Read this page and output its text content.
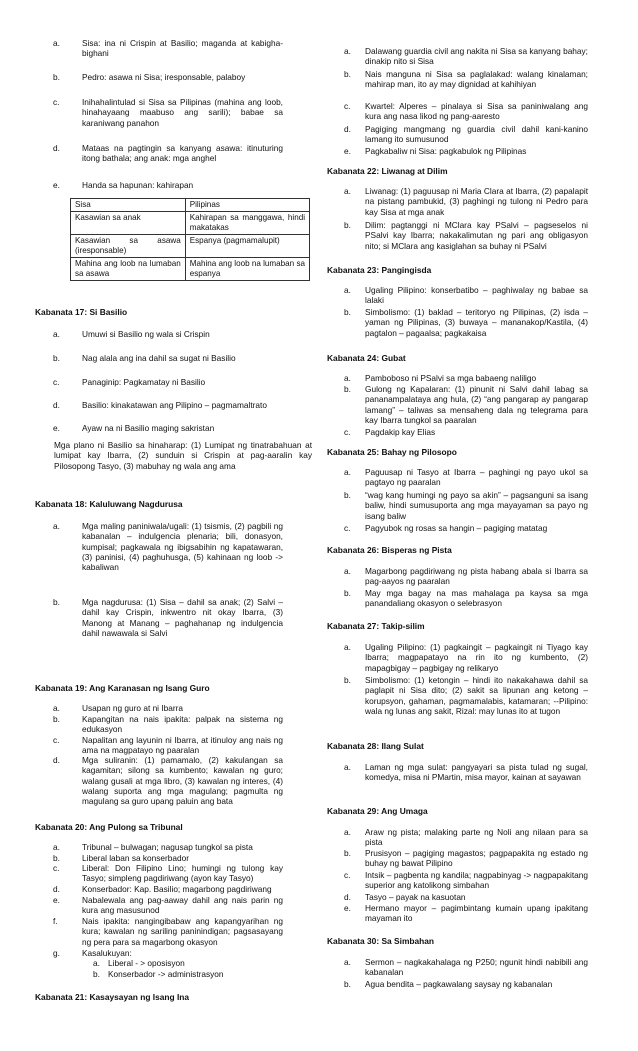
a.	Sisa: ina ni Crispin at Basilio; maganda at kabigha-bighani
b.	Pedro: asawa ni Sisa; iresponsable, palaboy
c.	Inihahalintulad si Sisa sa Pilipinas (mahina ang loob, hinahayaang maabuso ang sarili); babae sa karaniwang panahon
d.	Mataas na pagtingin sa kanyang asawa: itinuturing itong bathala; ang anak: mga anghel
e.	Handa sa hapunan: kahirapan
Sisa	Pilipinas
Kasawian sa anak	Kahirapan sa manggawa, hindi makatakas
Kasawian sa asawa (iresponsable)	Espanya (pagmamalupit)
Mahina ang loob na lumaban sa asawa	Mahina ang loob na lumaban sa espanya
Kabanata 17: Si Basilio
a.	Umuwi si Basilio ng wala si Crispin
b.	Nag alala ang ina dahil sa sugat ni Basilio
c.	Panaginip: Pagkamatay ni Basilio
d.	Basilio: kinakatawan ang Pilipino – pagmamaltrato
e.	Ayaw na ni Basilio maging sakristan
Mga plano ni Basilio sa hinaharap: (1) Lumipat ng tinatrabahuan at lumipat kay Ibarra, (2) sunduin si Crispin at pag-aaralin kay Pilosopong Tasyo, (3) mabuhay ng wala ang ama
Kabanata 18: Kaluluwang Nagdurusa
a.	Mga maling paniniwala/ugali: (1) tsismis, (2) pagbili ng kabanalan – indulgencia plenaria; bili, donasyon, kumpisal; pagkawala ng ibigsabihin ng kapatawaran, (3) paninisi, (4) paghuhusga, (5) kahinaan ng loob -> kabaliwan
b.	Mga nagdurusa: (1) Sisa – dahil sa anak; (2) Salvi – dahil kay Crispin, inkwentro nit okay Ibarra, (3) Manong at Manang – paghahanap ng indulgencia dahil nawawala si Salvi
Kabanata 19: Ang Karanasan ng Isang Guro
a.	Usapan ng guro at ni Ibarra
b.	Kapangitan na nais ipakita: palpak na sistema ng edukasyon
c.	Napalitan ang layunin ni Ibarra, at itinuloy ang nais ng ama na magpatayo ng paaralan
d.	Mga suliranin: (1) pamamalo, (2) kakulangan sa kagamitan; silong sa kumbento; kawalan ng guro; walang gusali at mga libro, (3) kawalan ng interes, (4) walang suporta ang mga magulang; pagmulta ng magulang sa guro upang paluin ang bata
Kabanata 20: Ang Pulong sa Tribunal
a.	Tribunal – bulwagan; nagusap tungkol sa pista
b.	Liberal laban sa konserbador
c.	Liberal: Don Filipino Lino; humingi ng tulong kay Tasyo; simpleng pagdiriwang (ayon kay Tasyo)
d.	Konserbador: Kap. Basilio; magarbong pagdiriwang
e.	Nabalewala ang pag-aaway dahil ang nais parin ng kura ang masusunod
f.	Nais ipakita: nangingibabaw ang kapangyarihan ng kura; kawalan ng sariling paninindigan; pagsasayang ng pera para sa magarbong okasyon
g.	Kasalukuyan:
a. Liberal - > oposisyon
b. Konserbador -> administrasyon
Kabanata 21: Kasaysayan ng Isang Ina
a. Dalawang guardia civil ang nakita ni Sisa sa kanyang bahay; dinakip nito si Sisa
b. Nais manguna ni Sisa sa paglalakad: walang kinalaman; mahirap man, ito ay may dignidad at kahihiyan
c. Kwartel: Alperes – pinalaya si Sisa sa paniniwalang ang kura ang nasa likod ng pang-aaresto
d. Pagiging mangmang ng guardia civil dahil kani-kanino lamang ito sumusunod
e. Pagkabaliw ni Sisa: pagkabulok ng Pilipinas
Kabanata 22: Liwanag at Dilim
a. Liwanag: (1) paguusap ni Maria Clara at Ibarra, (2) papalapit na pistang pambukid, (3) paghingi ng tulong ni Pedro para kay Sisa at mga anak
b. Dilim: pagtanggi ni MClara kay PSalvi – pagseselos ni PSalvi kay Ibarra; nakakalimutan ng pari ang obligasyon nito; si MClara ang kasiglahan sa buhay ni PSalvi
Kabanata 23: Pangingisda
a. Ugaling Pilipino: konserbatibo – paghiwalay ng babae sa lalaki
b. Simbolismo: (1) baklad – teritoryo ng Pilipinas, (2) isda – yaman ng Pilipinas, (3) buwaya – mananakop/Kastila, (4) pagtalon – pagaalsa; pagkakaisa
Kabanata 24: Gubat
a. Pamboboso ni PSalvi sa mga babaeng naliligo
b. Gulong ng Kapalaran: (1) pinunit ni Salvi dahil labag sa pananampalataya ang hula, (2) “ang pangarap ay pangarap lamang” – taliwas sa mensaheng dala ng telegrama para kay Ibarra tungkol sa paaralan
c. Pagdakip kay Elias
Kabanata 25: Bahay ng Pilosopo
a. Paguusap ni Tasyo at Ibarra – paghingi ng payo ukol sa pagtayo ng paaralan
b. “wag kang humingi ng payo sa akin” – pagsanguni sa isang baliw, hindi sumusuporta ang mga mayayaman sa payo ng isang baliw
c. Pagyubok ng rosas sa hangin – pagiging matatag
Kabanata 26: Bisperas ng Pista
a. Magarbong pagdiriwang ng pista habang abala si Ibarra sa pag-aayos ng paaralan
b. May mga bagay na mas mahalaga pa kaysa sa mga panandaliang okasyon o selebrasyon
Kabanata 27: Takip-silim
a. Ugaling Pilipino: (1) pagkaingit – pagkaingit ni Tiyago kay Ibarra; magpapatayo na rin ito ng kumbento, (2) mapagbigay – pagbigay ng relikaryo
b. Simbolismo: (1) ketongin – hindi ito nakakahawa dahil sa paglapit ni Sisa dito; (2) sakit sa lipunan ang ketong – korupsyon, gahaman, pagmamalabis, katamaran; --Pilipino: wala ng lunas ang sakit, Rizal: may lunas ito at tugon
Kabanata 28: Ilang Sulat
a. Laman ng mga sulat: pangyayari sa pista tulad ng sugal, komedya, misa ni PMartin, misa mayor, kainan at sayawan
Kabanata 29: Ang Umaga
a. Araw ng pista; malaking parte ng Noli ang nilaan para sa pista
b. Prusisyon – pagiging magastos; pagpapakita ng estado ng buhay ng bawat Pilipino
c. Intsik – pagbenta ng kandila; nagpabinyag -> nagpapakitang superior ang katolikong simbahan
d. Tasyo – payak na kasuotan
e. Hermano mayor – pagimbintang kumain upang ipakitang mayaman ito
Kabanata 30: Sa Simbahan
a. Sermon – nagkakahalaga ng P250; ngunit hindi nabibili ang kabanalan
b. Agua bendita – pagkawalang saysay ng kabanalan
